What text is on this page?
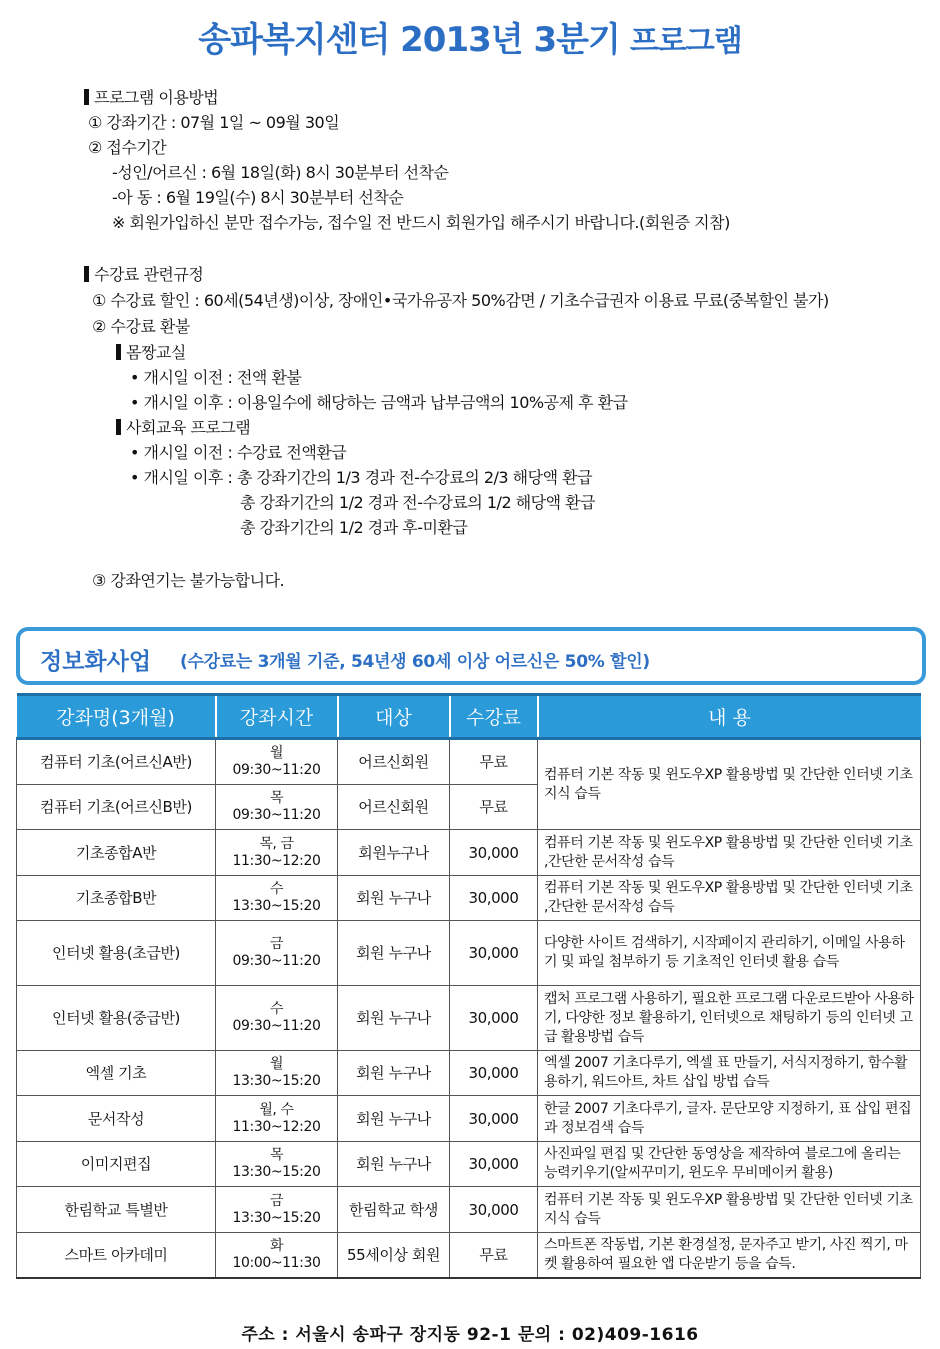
송파복지센터 2013년 3분기 프로그램
프로그램 이용방법
① 강좌기간 : 07월 1일 ~ 09월 30일
② 접수기간
-성인/어르신 : 6월 18일(화) 8시 30분부터 선착순
-아 동 : 6월 19일(수) 8시 30분부터 선착순
※ 회원가입하신 분만 접수가능, 접수일 전 반드시 회원가입 해주시기 바랍니다.(회원증 지참)
수강료 관련규정
① 수강료 할인 : 60세(54년생)이상, 장애인•국가유공자 50%감면 / 기초수급권자 이용료 무료(중복할인 불가)
② 수강료 환불
몸짱교실
• 개시일 이전 : 전액 환불
• 개시일 이후 : 이용일수에 해당하는 금액과 납부금액의 10%공제 후 환급
사회교육 프로그램
• 개시일 이전 : 수강료 전액환급
• 개시일 이후 : 총 강좌기간의 1/3 경과 전-수강료의 2/3 해당액 환급
총 강좌기간의 1/2 경과 전-수강료의 1/2 해당액 환급
총 강좌기간의 1/2 경과 후-미환급
③ 강좌연기는 불가능합니다.
정보화사업 (수강료는 3개월 기준, 54년생 60세 이상 어르신은 50% 할인)
강좌명(3개월)	강좌시간	대상	수강료	내 용
컴퓨터 기초(어르신A반)	월
09:30~11:20	어르신회원	무료	컴퓨터 기본 작동 및 윈도우XP 활용방법 및 간단한 인터넷 기초 지식 습득
컴퓨터 기초(어르신B반)	목
09:30~11:20	어르신회원	무료	
기초종합A반	목, 금
11:30~12:20	회원누구나	30,000	컴퓨터 기본 작동 및 윈도우XP 활용방법 및 간단한 인터넷 기초 ,간단한 문서작성 습득
기초종합B반	수
13:30~15:20	회원 누구나	30,000	컴퓨터 기본 작동 및 윈도우XP 활용방법 및 간단한 인터넷 기초 ,간단한 문서작성 습득
인터넷 활용(초급반)	금
09:30~11:20	회원 누구나	30,000	다양한 사이트 검색하기, 시작페이지 관리하기, 이메일 사용하기 및 파일 첨부하기 등 기초적인 인터넷 활용 습득
인터넷 활용(중급반)	수
09:30~11:20	회원 누구나	30,000	캡처 프로그램 사용하기, 필요한 프로그램 다운로드받아 사용하기, 다양한 정보 활용하기, 인터넷으로 채팅하기 등의 인터넷 고급 활용방법 습득
엑셀 기초	월
13:30~15:20	회원 누구나	30,000	엑셀 2007 기초다루기, 엑셀 표 만들기, 서식지정하기, 함수활용하기, 워드아트, 차트 삽입 방법 습득
문서작성	월, 수
11:30~12:20	회원 누구나	30,000	한글 2007 기초다루기, 글자. 문단모양 지정하기, 표 삽입 편집과 정보검색 습득
이미지편집	목
13:30~15:20	회원 누구나	30,000	사진파일 편집 및 간단한 동영상을 제작하여 블로그에 올리는 능력키우기(알씨꾸미기, 윈도우 무비메이커 활용)
한림학교 특별반	금
13:30~15:20	한림학교 학생	30,000	컴퓨터 기본 작동 및 윈도우XP 활용방법 및 간단한 인터넷 기초 지식 습득
스마트 아카데미	화
10:00~11:30	55세이상 회원	무료	스마트폰 작동법, 기본 환경설정, 문자주고 받기, 사진 찍기, 마켓 활용하여 필요한 앱 다운받기 등을 습득.
주소 : 서울시 송파구 장지동 92-1 문의 : 02)409-1616
